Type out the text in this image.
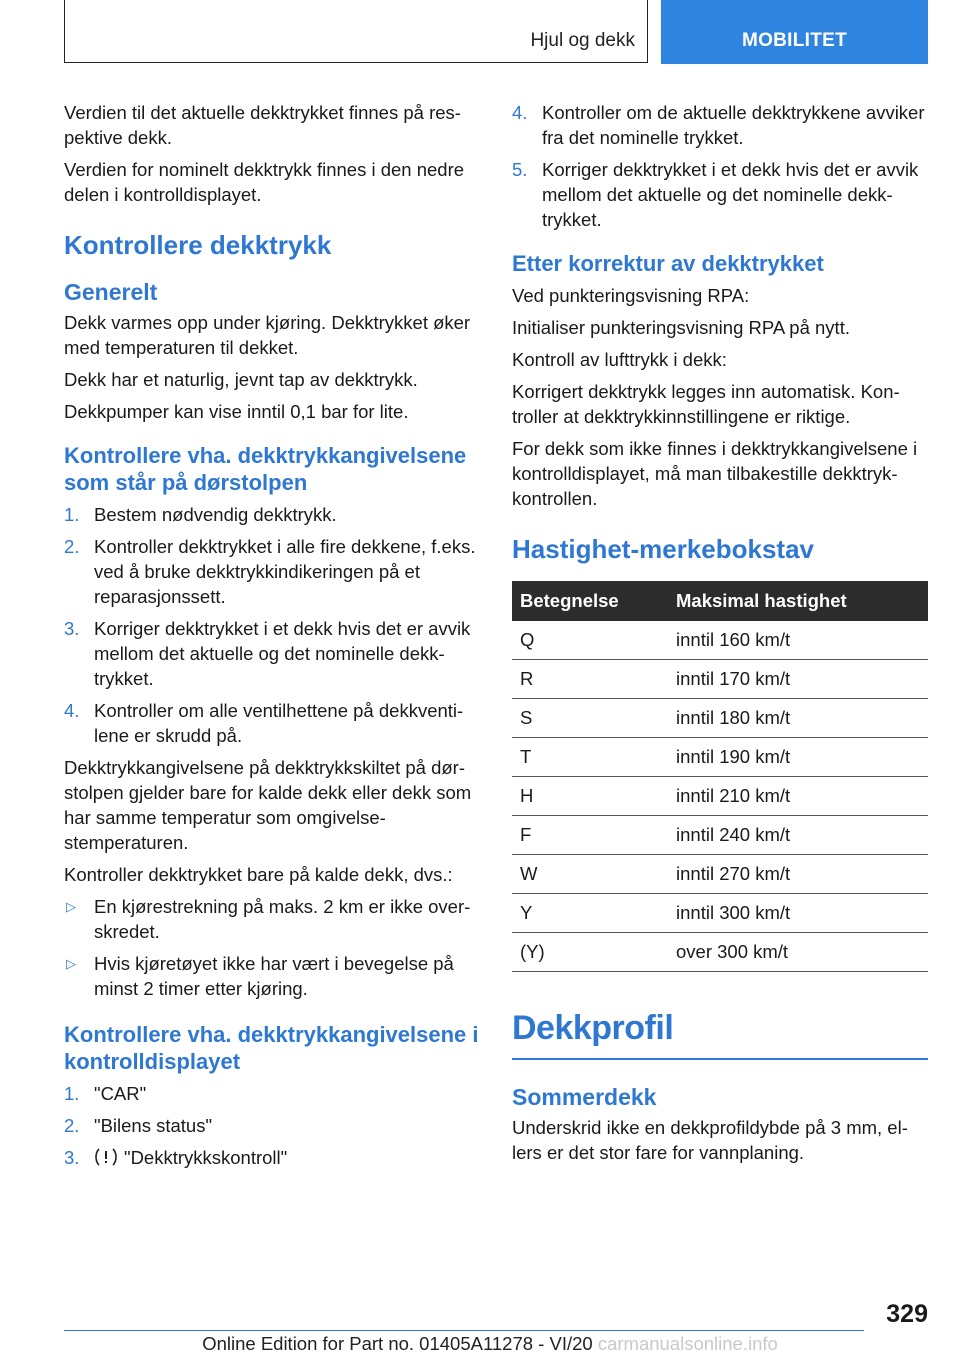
Hjul og dekk	MOBILITET

Verdien til det aktuelle dekktrykket finnes på respektive dekk.

Verdien for nominelt dekktrykk finnes i den nedre delen i kontrolldisplayet.

Kontrollere dekktrykk
Generelt

Dekk varmes opp under kjøring. Dekktrykket øker med temperaturen til dekket.

Dekk har et naturlig, jevnt tap av dekktrykk.

Dekkpumper kan vise inntil 0,1 bar for lite.

Kontrollere vha. dekktrykkangivelsene som står på dørstolpen
1. Bestem nødvendig dekktrykk.
2. Kontroller dekktrykket i alle fire dekkene, f.eks. ved å bruke dekktrykkindikeringen på et reparasjonssett.
3. Korriger dekktrykket i et dekk hvis det er avvik mellom det aktuelle og det nominelle dekktrykket.
4. Kontroller om alle ventilhettene på dekkventilene er skrudd på.

Dekktrykkangivelsene på dekktrykkskiltet på dørstolpen gjelder bare for kalde dekk eller dekk som har samme temperatur som omgivelsestemperaturen.

Kontroller dekktrykket bare på kalde dekk, dvs.:

▷ En kjørestrekning på maks. 2 km er ikke overskredet.
▷ Hvis kjøretøyet ikke har vært i bevegelse på minst 2 timer etter kjøring.
Kontrollere vha. dekktrykkangivelsene i kontrolldisplayet
1. "CAR"
2. "Bilens status"
3. "Dekktrykkskontroll"
4. Kontroller om de aktuelle dekktrykkene avviker fra det nominelle trykket.
5. Korriger dekktrykket i et dekk hvis det er avvik mellom det aktuelle og det nominelle dekktrykket.
Etter korrektur av dekktrykket

Ved punkteringsvisning RPA:

Initialiser punkteringsvisning RPA på nytt.

Kontroll av lufttrykk i dekk:

Korrigert dekktrykk legges inn automatisk. Kontroller at dekktrykkinnstillingene er riktige.

For dekk som ikke finnes i dekktrykkangivelsene i kontrolldisplayet, må man tilbakestille dekktrykkontrollen.

Hastighet-merkebokstav
Betegnelse	Maksimal hastighet
Q	inntil 160 km/t
R	inntil 170 km/t
S	inntil 180 km/t
T	inntil 190 km/t
H	inntil 210 km/t
F	inntil 240 km/t
W	inntil 270 km/t
Y	inntil 300 km/t
(Y)	over 300 km/t
Dekkprofil
Sommerdekk

Underskrid ikke en dekkprofildybde på 3 mm, ellers er det stor fare for vannplaning.

329
Online Edition for Part no. 01405A11278 - VI/20 carmanualsonline.info
